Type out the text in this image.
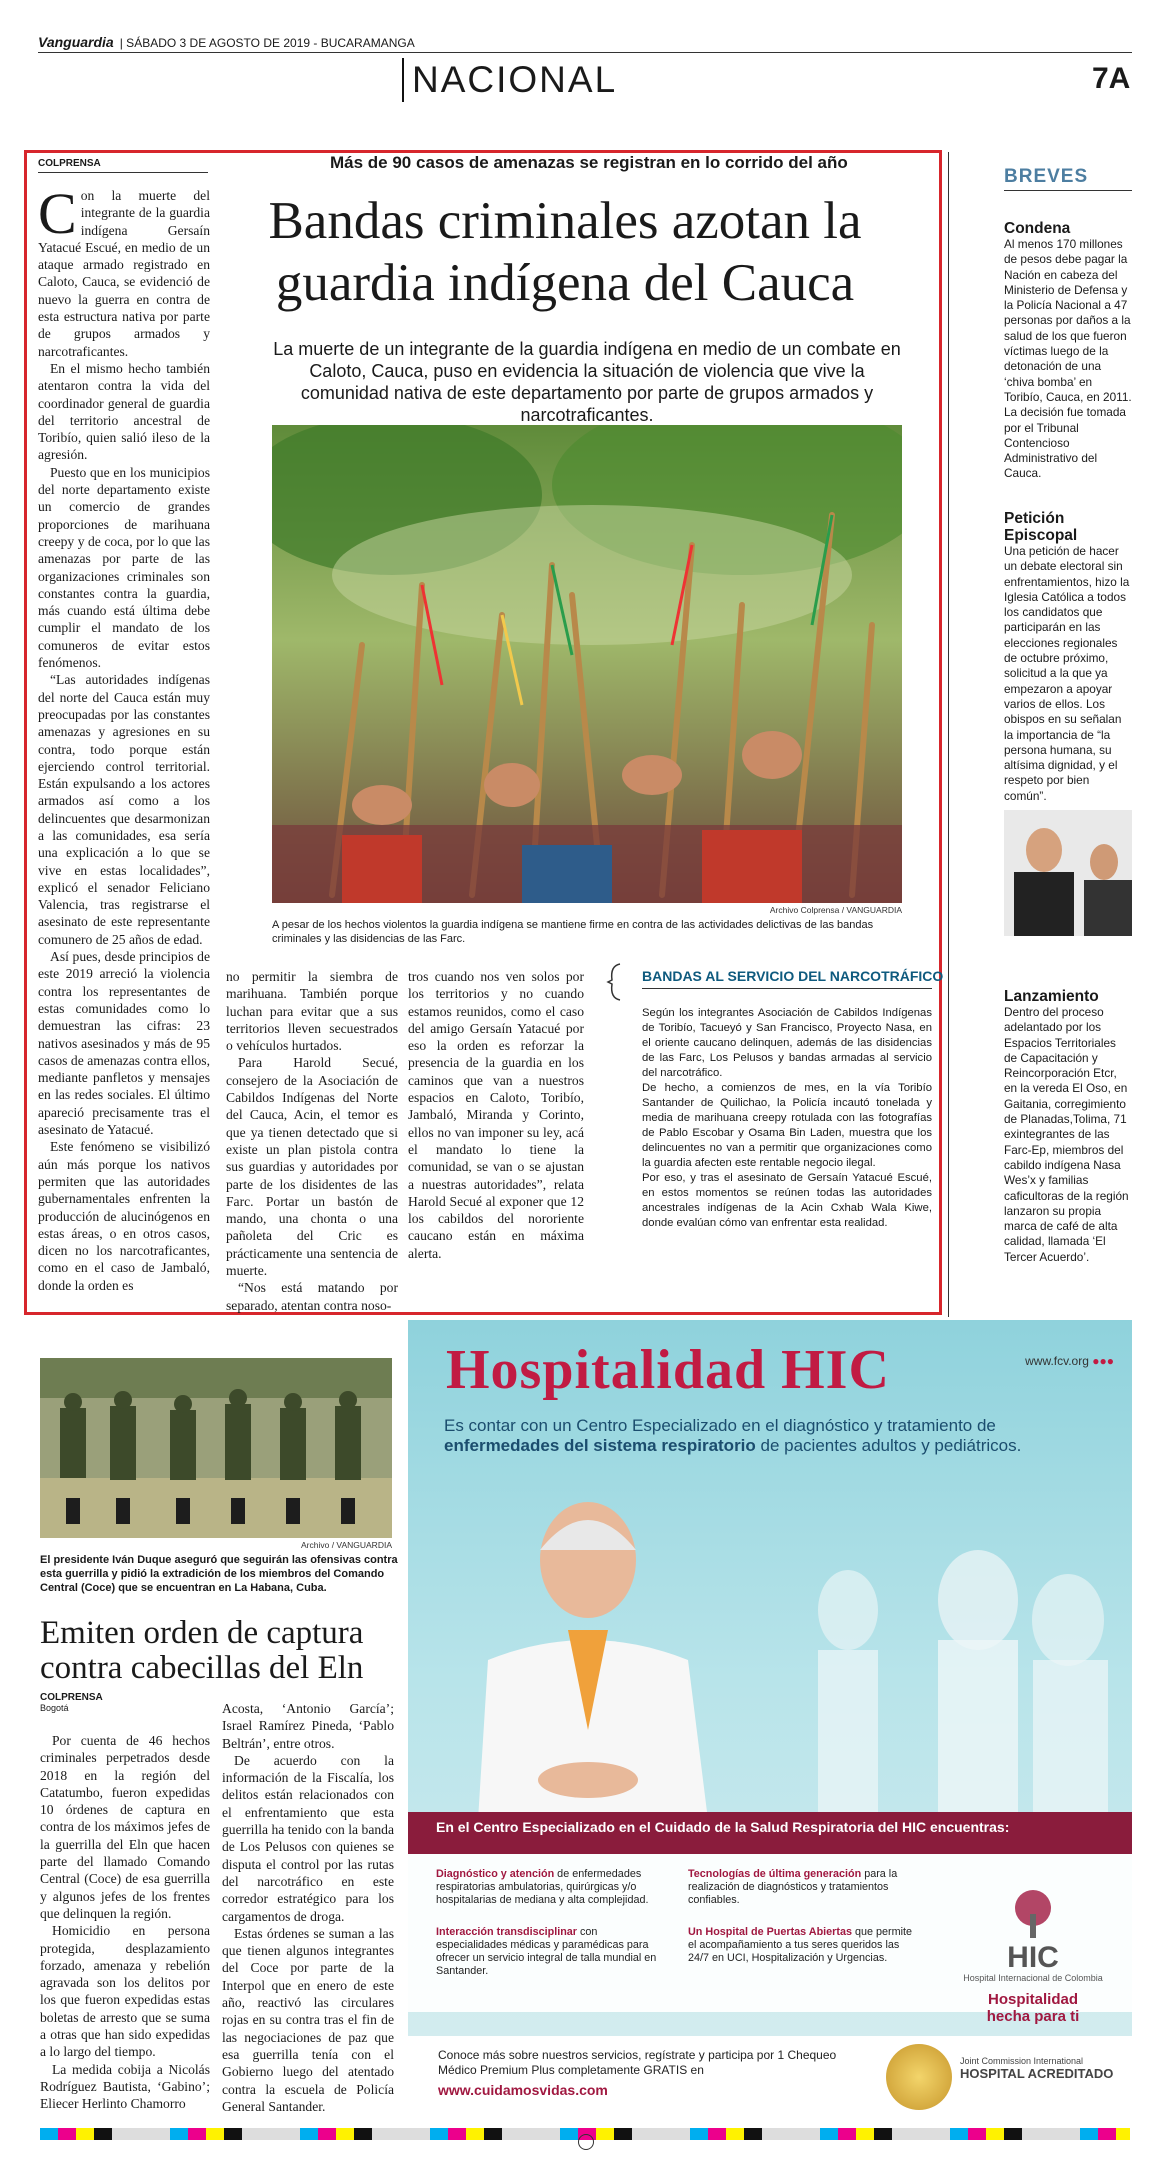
Vanguardia | SÁBADO 3 DE AGOSTO DE 2019 - BUCARAMANGA
NACIONAL	7A
Más de 90 casos de amenazas se registran en lo corrido del año
Bandas criminales azotan la guardia indígena del Cauca
La muerte de un integrante de la guardia indígena en medio de un combate en Caloto, Cauca, puso en evidencia la situación de violencia que vive la comunidad nativa de este departamento por parte de grupos armados y narcotraficantes.
COLPRENSA

Con la muerte del integrante de la guardia indígena Gersaín Yatacué Escué, en medio de un ataque armado registrado en Caloto, Cauca, se evidenció de nuevo la guerra en contra de esta estructura nativa por parte de grupos armados y narcotraficantes.

En el mismo hecho también atentaron contra la vida del coordinador general de guardia del territorio ancestral de Toribío, quien salió ileso de la agresión.

Puesto que en los municipios del norte departamento existe un comercio de grandes proporciones de marihuana creepy y de coca, por lo que las amenazas por parte de las organizaciones criminales son constantes contra la guardia, más cuando está última debe cumplir el mandato de los comuneros de evitar estos fenómenos.

“Las autoridades indígenas del norte del Cauca están muy preocupadas por las constantes amenazas y agresiones en su contra, todo porque están ejerciendo control territorial. Están expulsando a los actores armados así como a los delincuentes que desarmonizan a las comunidades, esa sería una explicación a lo que se vive en estas localidades”, explicó el senador Feliciano Valencia, tras registrarse el asesinato de este representante comunero de 25 años de edad.

Así pues, desde principios de este 2019 arreció la violencia contra los representantes de estas comunidades como lo demuestran las cifras: 23 nativos asesinados y más de 95 casos de amenazas contra ellos, mediante panfletos y mensajes en las redes sociales. El último apareció precisamente tras el asesinato de Yatacué.

Este fenómeno se visibilizó aún más porque los nativos permiten que las autoridades gubernamentales enfrenten la producción de alucinógenos en estas áreas, o en otros casos, dicen no los narcotraficantes, como en el caso de Jambaló, donde la orden es

Archivo Colprensa / VANGUARDIA
A pesar de los hechos violentos la guardia indígena se mantiene firme en contra de las actividades delictivas de las bandas criminales y las disidencias de las Farc.

no permitir la siembra de marihuana. También porque luchan para evitar que a sus territorios lleven secuestrados o vehículos hurtados.

Para Harold Secué, consejero de la Asociación de Cabildos Indígenas del Norte del Cauca, Acin, el temor es que ya tienen detectado que si existe un plan pistola contra sus guardias y autoridades por parte de los disidentes de las Farc. Portar un bastón de mando, una chonta o una pañoleta del Cric es prácticamente una sentencia de muerte.

“Nos está matando por separado, atentan contra noso-

tros cuando nos ven solos por los territorios y no cuando estamos reunidos, como el caso del amigo Gersaín Yatacué por eso la orden es reforzar la presencia de la guardia en los caminos que van a nuestros espacios en Caloto, Toribío, Jambaló, Miranda y Corinto, ellos no van imponer su ley, acá el mandato lo tiene la comunidad, se van o se ajustan a nuestras autoridades”, relata Harold Secué al exponer que 12 los cabildos del nororiente caucano están en máxima alerta.

BANDAS AL SERVICIO DEL NARCOTRÁFICO

Según los integrantes Asociación de Cabildos Indígenas de Toribío, Tacueyó y San Francisco, Proyecto Nasa, en el oriente caucano delinquen, además de las disidencias de las Farc, Los Pelusos y bandas armadas al servicio del narcotráfico.

De hecho, a comienzos de mes, en la vía Toribío Santander de Quilichao, la Policía incautó tonelada y media de marihuana creepy rotulada con las fotografías de Pablo Escobar y Osama Bin Laden, muestra que los delincuentes no van a permitir que organizaciones como la guardia afecten este rentable negocio ilegal.

Por eso, y tras el asesinato de Gersaín Yatacué Escué, en estos momentos se reúnen todas las autoridades ancestrales indígenas de la Acin Cxhab Wala Kiwe, donde evalúan cómo van enfrentar esta realidad.

BREVES
Condena
Al menos 170 millones de pesos debe pagar la Nación en cabeza del Ministerio de Defensa y la Policía Nacional a 47 personas por daños a la salud de los que fueron víctimas luego de la detonación de una ‘chiva bomba’ en Toribío, Cauca, en 2011. La decisión fue tomada por el Tribunal Contencioso Administrativo del Cauca.
Petición Episcopal
Una petición de hacer un debate electoral sin enfrentamientos, hizo la Iglesia Católica a todos los candidatos que participarán en las elecciones regionales de octubre próximo, solicitud a la que ya empezaron a apoyar varios de ellos. Los obispos en su señalan la importancia de “la persona humana, su altísima dignidad, y el respeto por bien común”.
Lanzamiento
Dentro del proceso adelantado por los Espacios Territoriales de Capacitación y Reincorporación Etcr, en la vereda El Oso, en Gaitania, corregimiento de Planadas,Tolima, 71 exintegrantes de las Farc-Ep, miembros del cabildo indígena Nasa Wes’x y familias caficultoras de la región lanzaron su propia marca de café de alta calidad, llamada ‘El Tercer Acuerdo’.
Archivo / VANGUARDIA
El presidente Iván Duque aseguró que seguirán las ofensivas contra esta guerrilla y pidió la extradición de los miembros del Comando Central (Coce) que se encuentran en La Habana, Cuba.
Emiten orden de captura contra cabecillas del Eln
COLPRENSA
Bogotá

Por cuenta de 46 hechos criminales perpetrados desde 2018 en la región del Catatumbo, fueron expedidas 10 órdenes de captura en contra de los máximos jefes de la guerrilla del Eln que hacen parte del llamado Comando Central (Coce) de esa guerrilla y algunos jefes de los frentes que delinquen la región.

Homicidio en persona protegida, desplazamiento forzado, amenaza y rebelión agravada son los delitos por los que fueron expedidas estas boletas de arresto que se suma a otras que han sido expedidas a lo largo del tiempo.

La medida cobija a Nicolás Rodríguez Bautista, ‘Gabino’; Eliecer Herlinto Chamorro

Acosta, ‘Antonio García’; Israel Ramírez Pineda, ‘Pablo Beltrán’, entre otros.

De acuerdo con la información de la Fiscalía, los delitos están relacionados con el enfrentamiento que esta guerrilla ha tenido con la banda de Los Pelusos con quienes se disputa el control por las rutas del narcotráfico en este corredor estratégico para los cargamentos de droga.

Estas órdenes se suman a las que tienen algunos integrantes del Coce por parte de la Interpol que en enero de este año, reactivó las circulares rojas en su contra tras el fin de las negociaciones de paz que esa guerrilla tenía con el Gobierno luego del atentado contra la escuela de Policía General Santander.

Hospitalidad HIC	www.fcv.org ●●●
Es contar con un Centro Especializado en el diagnóstico y tratamiento de enfermedades del sistema respiratorio de pacientes adultos y pediátricos.
En el Centro Especializado en el Cuidado de la Salud Respiratoria del HIC encuentras:
Diagnóstico y atención de enfermedades respiratorias ambulatorias, quirúrgicas y/o hospitalarias de mediana y alta complejidad.
Interacción transdisciplinar con especialidades médicas y paramédicas para ofrecer un servicio integral de talla mundial en Santander.
Tecnologías de última generación para la realización de diagnósticos y tratamientos confiables.
Un Hospital de Puertas Abiertas que permite el acompañamiento a tus seres queridos las 24/7 en UCI, Hospitalización y Urgencias.	HIC
Hospital Internacional de Colombia
Hospitalidad hecha para ti
Conoce más sobre nuestros servicios, regístrate y participa por 1 Chequeo Médico Premium Plus completamente GRATIS en
www.cuidamosvidas.com
Joint Commission International
HOSPITAL ACREDITADO
